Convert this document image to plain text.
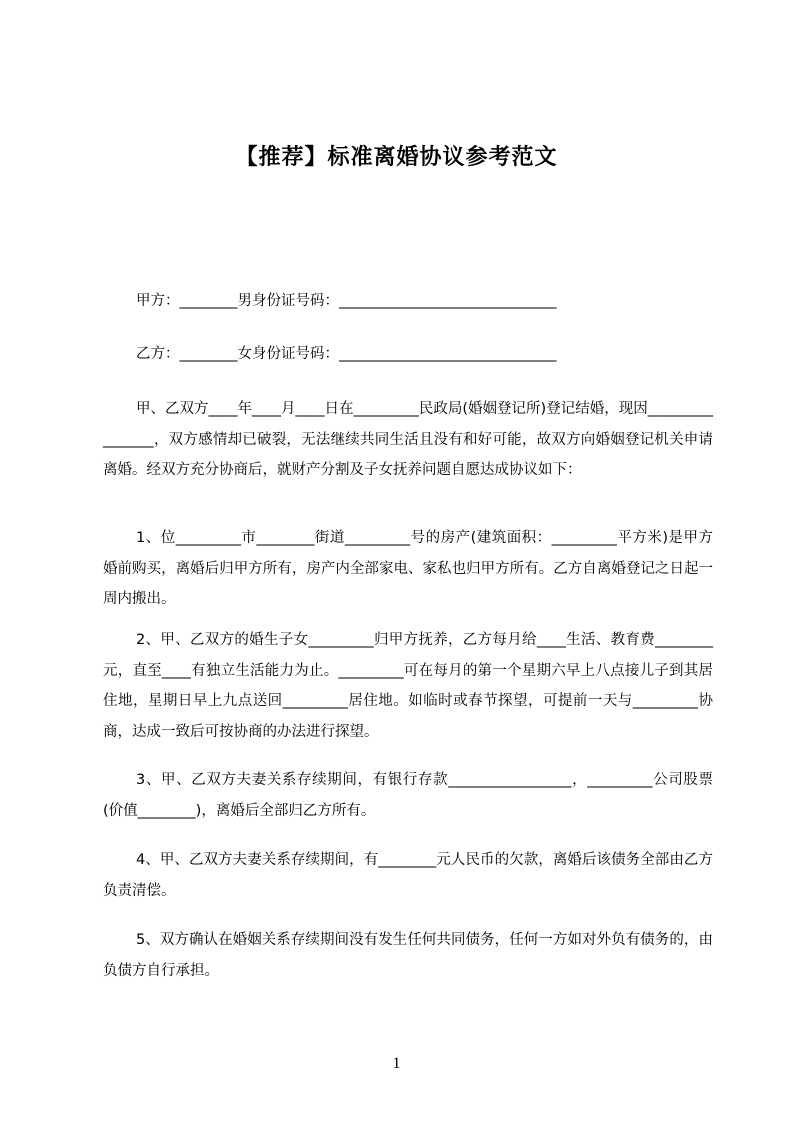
【推荐】标准离婚协议参考范文
甲方：________男身份证号码：______________________________
乙方：________女身份证号码：______________________________
甲、乙双方____年____月____日在_________民政局(婚姻登记所)登记结婚，现因________________，双方感情却已破裂，无法继续共同生活且没有和好可能，故双方向婚姻登记机关申请离婚。经双方充分协商后，就财产分割及子女抚养问题自愿达成协议如下：
1、位_________市________街道_________号的房产(建筑面积：_________平方米)是甲方婚前购买，离婚后归甲方所有，房产内全部家电、家私也归甲方所有。乙方自离婚登记之日起一周内搬出。
2、甲、乙双方的婚生子女_________归甲方抚养，乙方每月给____生活、教育费________元，直至____有独立生活能力为止。_________可在每月的第一个星期六早上八点接儿子到其居住地，星期日早上九点送回_________居住地。如临时或春节探望，可提前一天与_________协商，达成一致后可按协商的办法进行探望。
3、甲、乙双方夫妻关系存续期间，有银行存款_________________，_________公司股票(价值________)，离婚后全部归乙方所有。
4、甲、乙双方夫妻关系存续期间，有________元人民币的欠款，离婚后该债务全部由乙方负责清偿。
5、双方确认在婚姻关系存续期间没有发生任何共同债务，任何一方如对外负有债务的，由负债方自行承担。
1
